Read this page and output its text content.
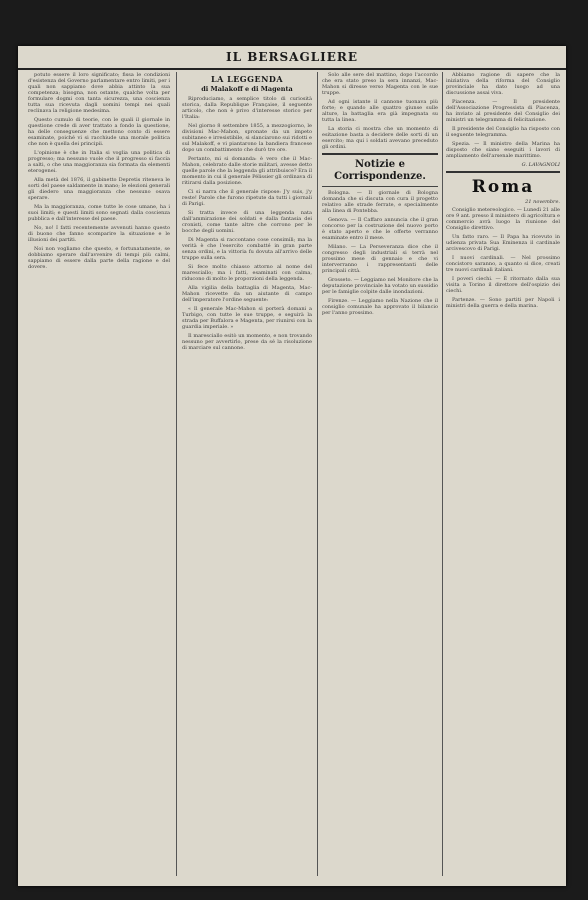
IL BERSAGLIERE

potuto essere il loro significato; fissa le condizioni d'esistenza del Governo parlamentare entro limiti, per i quali non sappiamo dove abbia attinto la sua competenza; bisogna, non ostante, qualche volta per formulare dogmi con tanta sicurezza, una coscienza tutta sua ricevuta dagli uomini tempi nei quali reclinava la religione medesima.

Questo cumulo di teorie, con le quali il giornale in questione crede di aver trattato a fondo la questione, ha delle conseguenze che mettono conto di essere esaminate, poiché vi si racchiude una morale politica che non è quella dei principii.

L'opinione è che in Italia si voglia una politica di progresso; ma nessuno vuole che il progresso si faccia a salti, o che una maggioranza sia formata da elementi eterogenei.

Alla metà del 1876, il gabinetto Depretis riteneva le sorti del paese saldamente in mano; le elezioni generali gli diedero una maggioranza che nessuno osava sperare.

Ma la maggioranza, come tutte le cose umane, ha i suoi limiti; e questi limiti sono segnati dalla coscienza pubblica e dall'interesse del paese.

No, no! I fatti recentemente avvenuti hanno questo di buono che fanno scomparire la situazione e le illusioni dei partiti.

Noi non vogliamo che questo, e fortunatamente, se dobbiamo sperare dall'avvenire di tempi più calmi, sappiamo di essere dalla parte della ragione e del dovere.

LA LEGGENDA
di Malakoff e di Magenta

Riproduciamo, a semplice titolo di curiosità storica, dalla Republique Française, il seguente articolo, che non è privo d'interesse storico per l'Italia:

Nel giorno 8 settembre 1855, a mezzogiorno, le divisioni Mac-Mahon, spronate da un impeto subitaneo e irresistibile, si slanciarono sui ridotti e sul Malakoff, e vi piantarono la bandiera francese dopo un combattimento che durò tre ore.

Pertanto, mi si domanda: è vero che il Mac-Mahon, celebrato dalle storie militari, avesse detto quelle parole che la leggenda gli attribuisce? Era il momento in cui il generale Pélissier gli ordinava di ritirarsi dalla posizione.

Ci si narra che il generale rispose: J'y suis, j'y reste! Parole che furono ripetute da tutti i giornali di Parigi.

Si tratta invece di una leggenda nata dall'ammirazione dei soldati e dalla fantasia dei cronisti, come tante altre che corrono per le bocche degli uomini.

Di Magenta si raccontano cose consimili; ma la verità è che l'esercito combatté in gran parte senza ordini, e la vittoria fu dovuta all'arrivo delle truppe sulla sera.

Si fece molto chiasso attorno al nome del maresciallo; ma i fatti, esaminati con calma, riducono di molto le proporzioni della leggenda.

Alla vigilia della battaglia di Magenta, Mac-Mahon ricevette da un aiutante di campo dell'imperatore l'ordine seguente:

« Il generale Mac-Mahon si porterà domani a Turbigo, con tutte le sue truppe, e seguirà la strada per Buffalora e Magenta, per riunirsi con la guardia imperiale. »

Il maresciallo esitò un momento, e non trovando nessuno per avvertirlo, prese da sé la risoluzione di marciare sul cannone.

Solo alle sere del mattino, dopo l'accordo che era stato preso la sera innanzi, Mac-Mahon si diresse verso Magenta con le sue truppe.

Ad ogni istante il cannone tuonava più forte; e quando alle quattro giunse sulle alture, la battaglia era già impegnata su tutta la linea.

La storia ci mostra che un momento di esitazione basta a decidere delle sorti di un esercito; ma qui i soldati avevano preceduto gli ordini.

Notizie e Corrispondenze.

Bologna. — Il giornale di Bologna domanda che si discuta con cura il progetto relativo alle strade ferrate, e specialmente alla linea di Pontebba.

Genova. — Il Caffaro annuncia che il gran concorso per la costruzione del nuovo porto è stato aperto e che le offerte verranno esaminate entro il mese.

Milano. — La Perseveranza dice che il congresso degli industriali si terrà nel prossimo mese di gennaio e che vi interverranno i rappresentanti delle principali città.

Grosseto. — Leggiamo nel Monitore che la deputazione provinciale ha votato un sussidio per le famiglie colpite dalle inondazioni.

Firenze. — Leggiamo nella Nazione che il consiglio comunale ha approvato il bilancio per l'anno prossimo.

Abbiamo ragione di sapere che la iniziativa della riforma del Consiglio provinciale ha dato luogo ad una discussione assai viva.

Piacenza. — Il presidente dell'Associazione Progressista di Piacenza, ha inviato al presidente del Consiglio dei ministri un telegramma di felicitazione.

Il presidente del Consiglio ha risposto con il seguente telegramma.

Spezia. — Il ministro della Marina ha disposto che siano eseguiti i lavori di ampliamento dell'arsenale marittimo.

G. LAVAGNOLI
Roma
21 novembre.

Consiglio metereologico. — Lunedì 21 alle ore 9 ant. presso il ministero di agricoltura e commercio avrà luogo la riunione del Consiglio direttivo.

Un fatto raro. — Il Papa ha ricevuto in udienza privata Sua Eminenza il cardinale arcivescovo di Parigi.

I nuovi cardinali. — Nel prossimo concistoro saranno, a quanto si dice, creati tre nuovi cardinali italiani.

I poveri ciechi. — È ritornato dalla sua visita a Torino il direttore dell'ospizio dei ciechi.

Partenze. — Sono partiti per Napoli i ministri della guerra e della marina.
